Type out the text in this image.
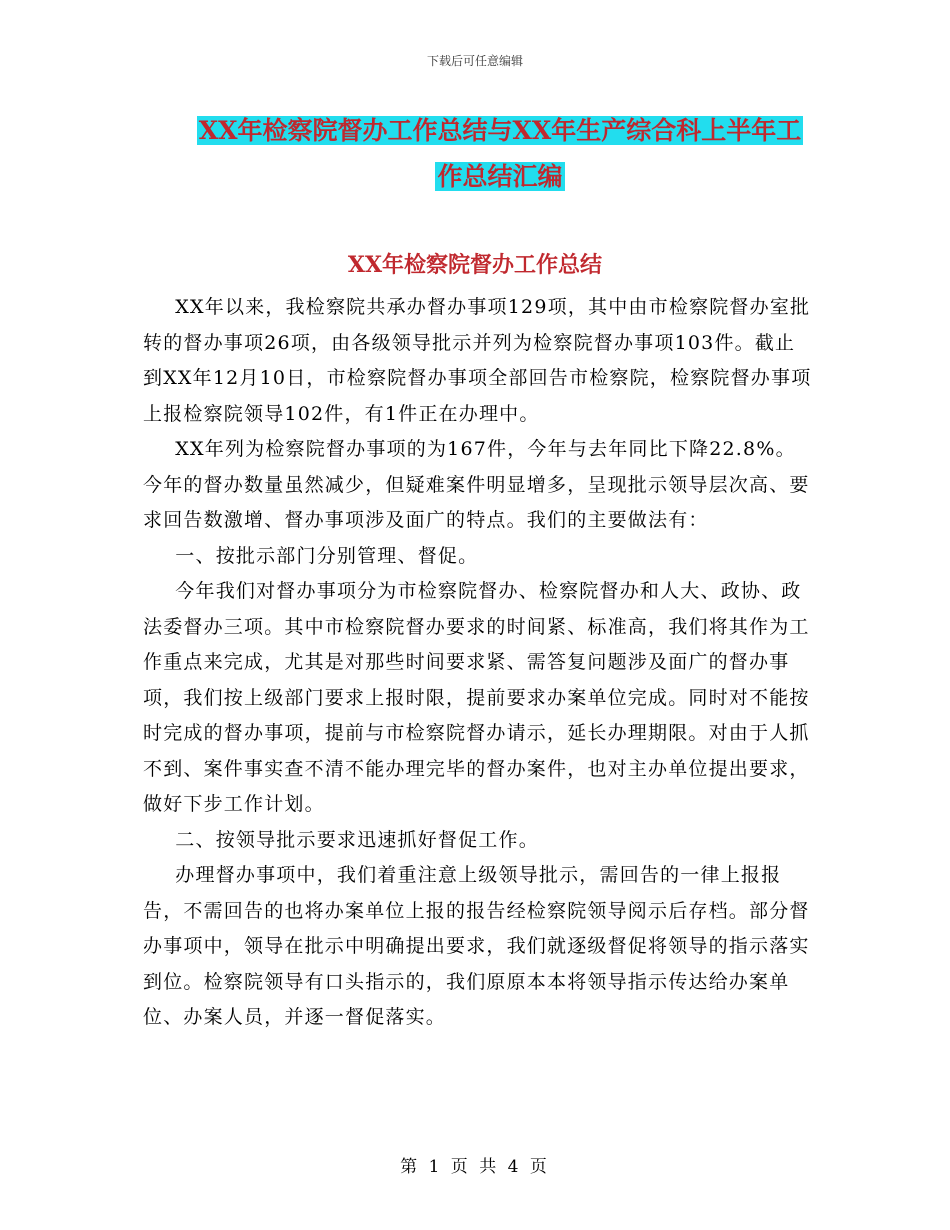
下载后可任意编辑
XX年检察院督办工作总结与XX年生产综合科上半年工
作总结汇编
XX年检察院督办工作总结

XX年以来，我检察院共承办督办事项129项，其中由市检察院督办室批转的督办事项26项，由各级领导批示并列为检察院督办事项103件。截止到XX年12月10日，市检察院督办事项全部回告市检察院，检察院督办事项上报检察院领导102件，有1件正在办理中。

XX年列为检察院督办事项的为167件，今年与去年同比下降22.8%。今年的督办数量虽然减少，但疑难案件明显增多，呈现批示领导层次高、要求回告数激增、督办事项涉及面广的特点。我们的主要做法有：

一、按批示部门分别管理、督促。

今年我们对督办事项分为市检察院督办、检察院督办和人大、政协、政法委督办三项。其中市检察院督办要求的时间紧、标准高，我们将其作为工作重点来完成，尤其是对那些时间要求紧、需答复问题涉及面广的督办事项，我们按上级部门要求上报时限，提前要求办案单位完成。同时对不能按时完成的督办事项，提前与市检察院督办请示，延长办理期限。对由于人抓不到、案件事实查不清不能办理完毕的督办案件，也对主办单位提出要求，做好下步工作计划。

二、按领导批示要求迅速抓好督促工作。

办理督办事项中，我们着重注意上级领导批示，需回告的一律上报报告，不需回告的也将办案单位上报的报告经检察院领导阅示后存档。部分督办事项中，领导在批示中明确提出要求，我们就逐级督促将领导的指示落实到位。检察院领导有口头指示的，我们原原本本将领导指示传达给办案单位、办案人员，并逐一督促落实。

第 1 页 共 4 页
